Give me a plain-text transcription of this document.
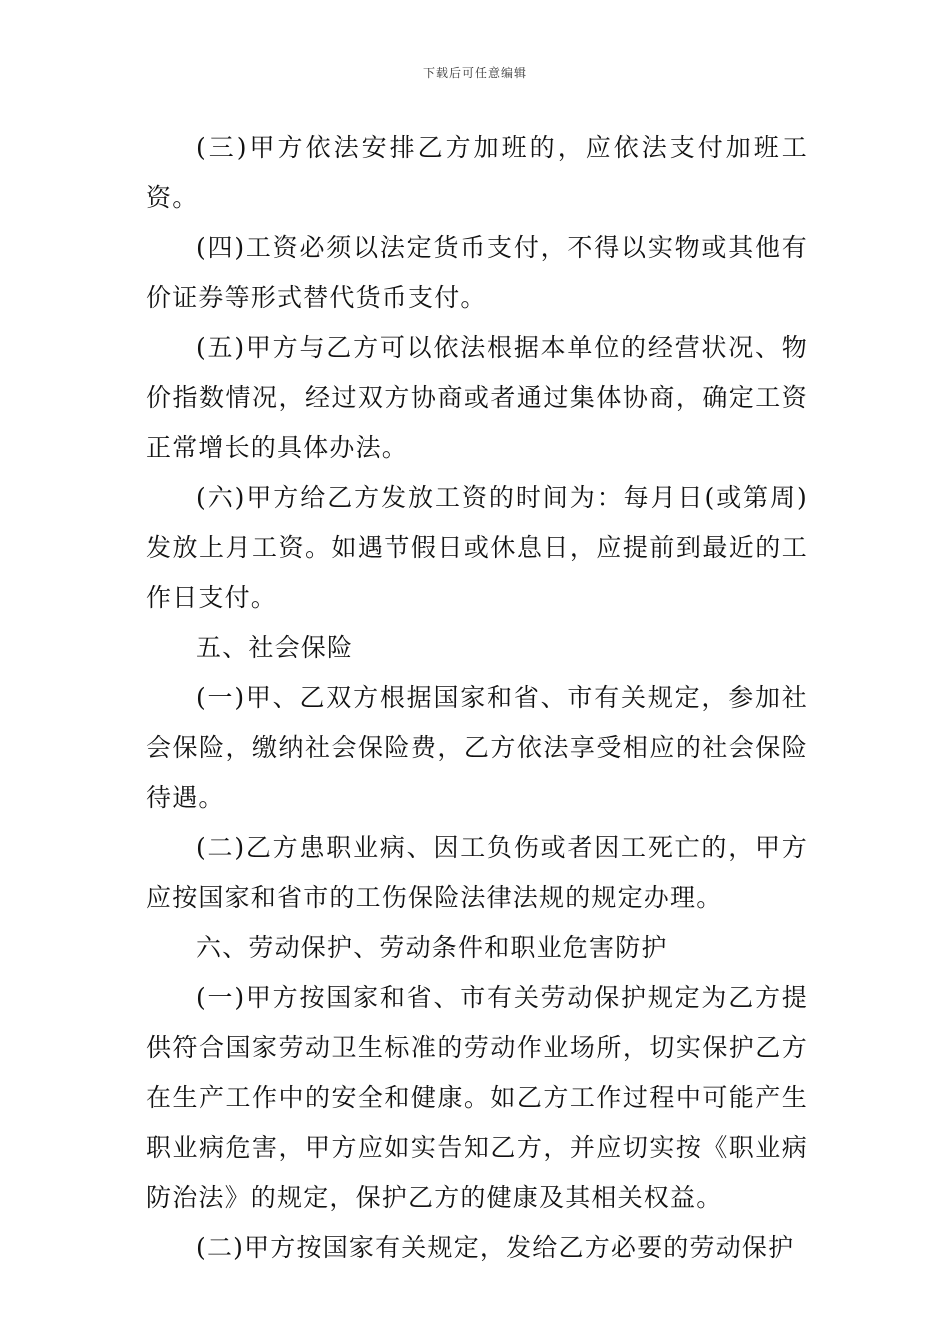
下载后可任意编辑

(三)甲方依法安排乙方加班的，应依法支付加班工资。

(四)工资必须以法定货币支付，不得以实物或其他有价证券等形式替代货币支付。

(五)甲方与乙方可以依法根据本单位的经营状况、物价指数情况，经过双方协商或者通过集体协商，确定工资正常增长的具体办法。

(六)甲方给乙方发放工资的时间为：每月日(或第周)发放上月工资。如遇节假日或休息日，应提前到最近的工作日支付。

五、社会保险

(一)甲、乙双方根据国家和省、市有关规定，参加社会保险，缴纳社会保险费，乙方依法享受相应的社会保险待遇。

(二)乙方患职业病、因工负伤或者因工死亡的，甲方应按国家和省市的工伤保险法律法规的规定办理。

六、劳动保护、劳动条件和职业危害防护

(一)甲方按国家和省、市有关劳动保护规定为乙方提供符合国家劳动卫生标准的劳动作业场所，切实保护乙方在生产工作中的安全和健康。如乙方工作过程中可能产生职业病危害，甲方应如实告知乙方，并应切实按《职业病防治法》的规定，保护乙方的健康及其相关权益。

(二)甲方按国家有关规定，发给乙方必要的劳动保护
